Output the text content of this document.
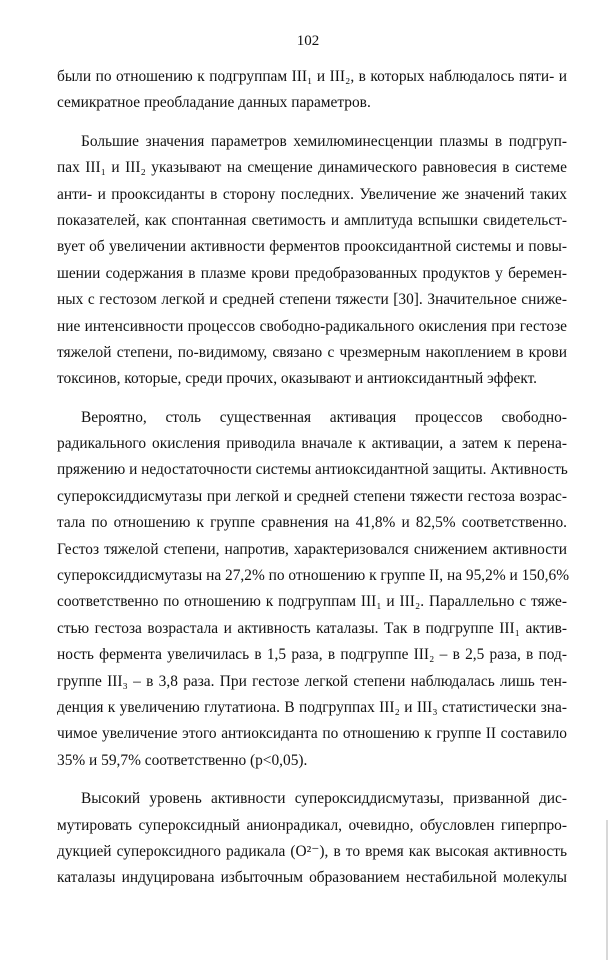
102
были по отношению к подгруппам III₁ и III₂, в которых наблюдалось пяти- и
семикратное преобладание данных параметров.
Большие значения параметров хемилюминесценции плазмы в подгруп-
пах III₁ и III₂ указывают на смещение динамического равновесия в системе
анти- и прооксиданты в сторону последних. Увеличение же значений таких
показателей, как спонтанная светимость и амплитуда вспышки свидетельст-
вует об увеличении активности ферментов прооксидантной системы и повы-
шении содержания в плазме крови предобразованных продуктов у беремен-
ных с гестозом легкой и средней степени тяжести [30]. Значительное сниже-
ние интенсивности процессов свободно-радикального окисления при гестозе
тяжелой степени, по-видимому, связано с чрезмерным накоплением в крови
токсинов, которые, среди прочих, оказывают и антиоксидантный эффект.
Вероятно, столь существенная активация процессов свободно-
радикального окисления приводила вначале к активации, а затем к перена-
пряжению и недостаточности системы антиоксидантной защиты. Активность
супероксиддисмутазы при легкой и средней степени тяжести гестоза возрас-
тала по отношению к группе сравнения на 41,8% и 82,5% соответственно.
Гестоз тяжелой степени, напротив, характеризовался снижением активности
супероксиддисмутазы на 27,2% по отношению к группе II, на 95,2% и 150,6%
соответственно по отношению к подгруппам III₁ и III₂. Параллельно с тяже-
стью гестоза возрастала и активность каталазы. Так в подгруппе III₁ актив-
ность фермента увеличилась в 1,5 раза, в подгруппе III₂ – в 2,5 раза, в под-
группе III₃ – в 3,8 раза. При гестозе легкой степени наблюдалась лишь тен-
денция к увеличению глутатиона. В подгруппах III₂ и III₃ статистически зна-
чимое увеличение этого антиоксиданта по отношению к группе II составило
35% и 59,7% соответственно (p<0,05).
Высокий уровень активности супероксиддисмутазы, призванной дис-
мутировать супероксидный анионрадикал, очевидно, обусловлен гиперпро-
дукцией супероксидного радикала (O²⁻), в то время как высокая активность
каталазы индуцирована избыточным образованием нестабильной молекулы
